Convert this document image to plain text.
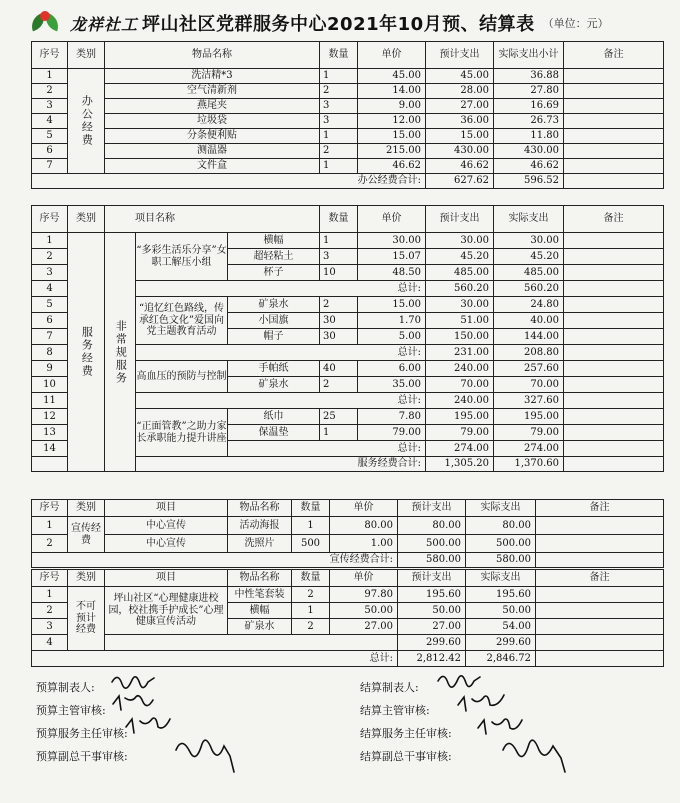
龙祥社工 坪山社区党群服务中心2021年10月预、结算表 （单位：元）
序号	类别	物品名称	数量	单价	预计支出	实际支出小计	备注
1	办公经费	洗洁精*3	1	45.00	45.00	36.88	
2		空气清新剂	2	14.00	28.00	27.80	
3		燕尾夹	3	9.00	27.00	16.69	
4		垃圾袋	3	12.00	36.00	26.73	
5		分条便利贴	1	15.00	15.00	11.80	
6		测温器	2	215.00	430.00	430.00	
7		文件盒	1	46.62	46.62	46.62	
办公经费合计:					627.62	596.52	
序号	类别	项目名称			数量	单价	预计支出	实际支出	备注
1	服务经费	非常规服务	“多彩生活乐分享”女职工解压小组	横幅	1	30.00	30.00	30.00	
2				超轻粘土	3	15.07	45.20	45.20	
3				杯子	10	48.50	485.00	485.00	
4			总计:				560.20	560.20	
5			“追忆红色路线，传承红色文化”爱国向党主题教育活动	矿泉水	2	15.00	30.00	24.80	
6				小国旗	30	1.70	51.00	40.00	
7				帽子	30	5.00	150.00	144.00	
8			总计:				231.00	208.80	
9			高血压的预防与控制	手帕纸	40	6.00	240.00	257.60	
10				矿泉水	2	35.00	70.00	70.00	
11			总计:				240.00	327.60	
12			“正面管教”之助力家长承职能力提升讲座	纸巾	25	7.80	195.00	195.00	
13				保温垫	1	79.00	79.00	79.00	
14				总计:			274.00	274.00	
服务经费合计:							1,305.20	1,370.60	
序号	类别	项目	物品名称	数量	单价	预计支出	实际支出	备注
1	宣传经费	中心宣传	活动海报	1	80.00	80.00	80.00	
2		中心宣传	洗照片	500	1.00	500.00	500.00	
宣传经费合计:						580.00	580.00	
序号	类别	项目	物品名称	数量	单价	预计支出	实际支出	备注
1	不可预计经费	坪山社区“心理健康进校园，校社携手护成长”心理健康宣传活动	中性笔套装	2	97.80	195.60	195.60	
2			横幅	1	50.00	50.00	50.00	
3			矿泉水	2	27.00	27.00	54.00	
4						299.60	299.60	
总计:						2,812.42	2,846.72	
预算制表人:
预算主管审核:
预算服务主任审核:
预算副总干事审核:
结算制表人:
结算主管审核:
结算服务主任审核:
结算副总干事审核:
